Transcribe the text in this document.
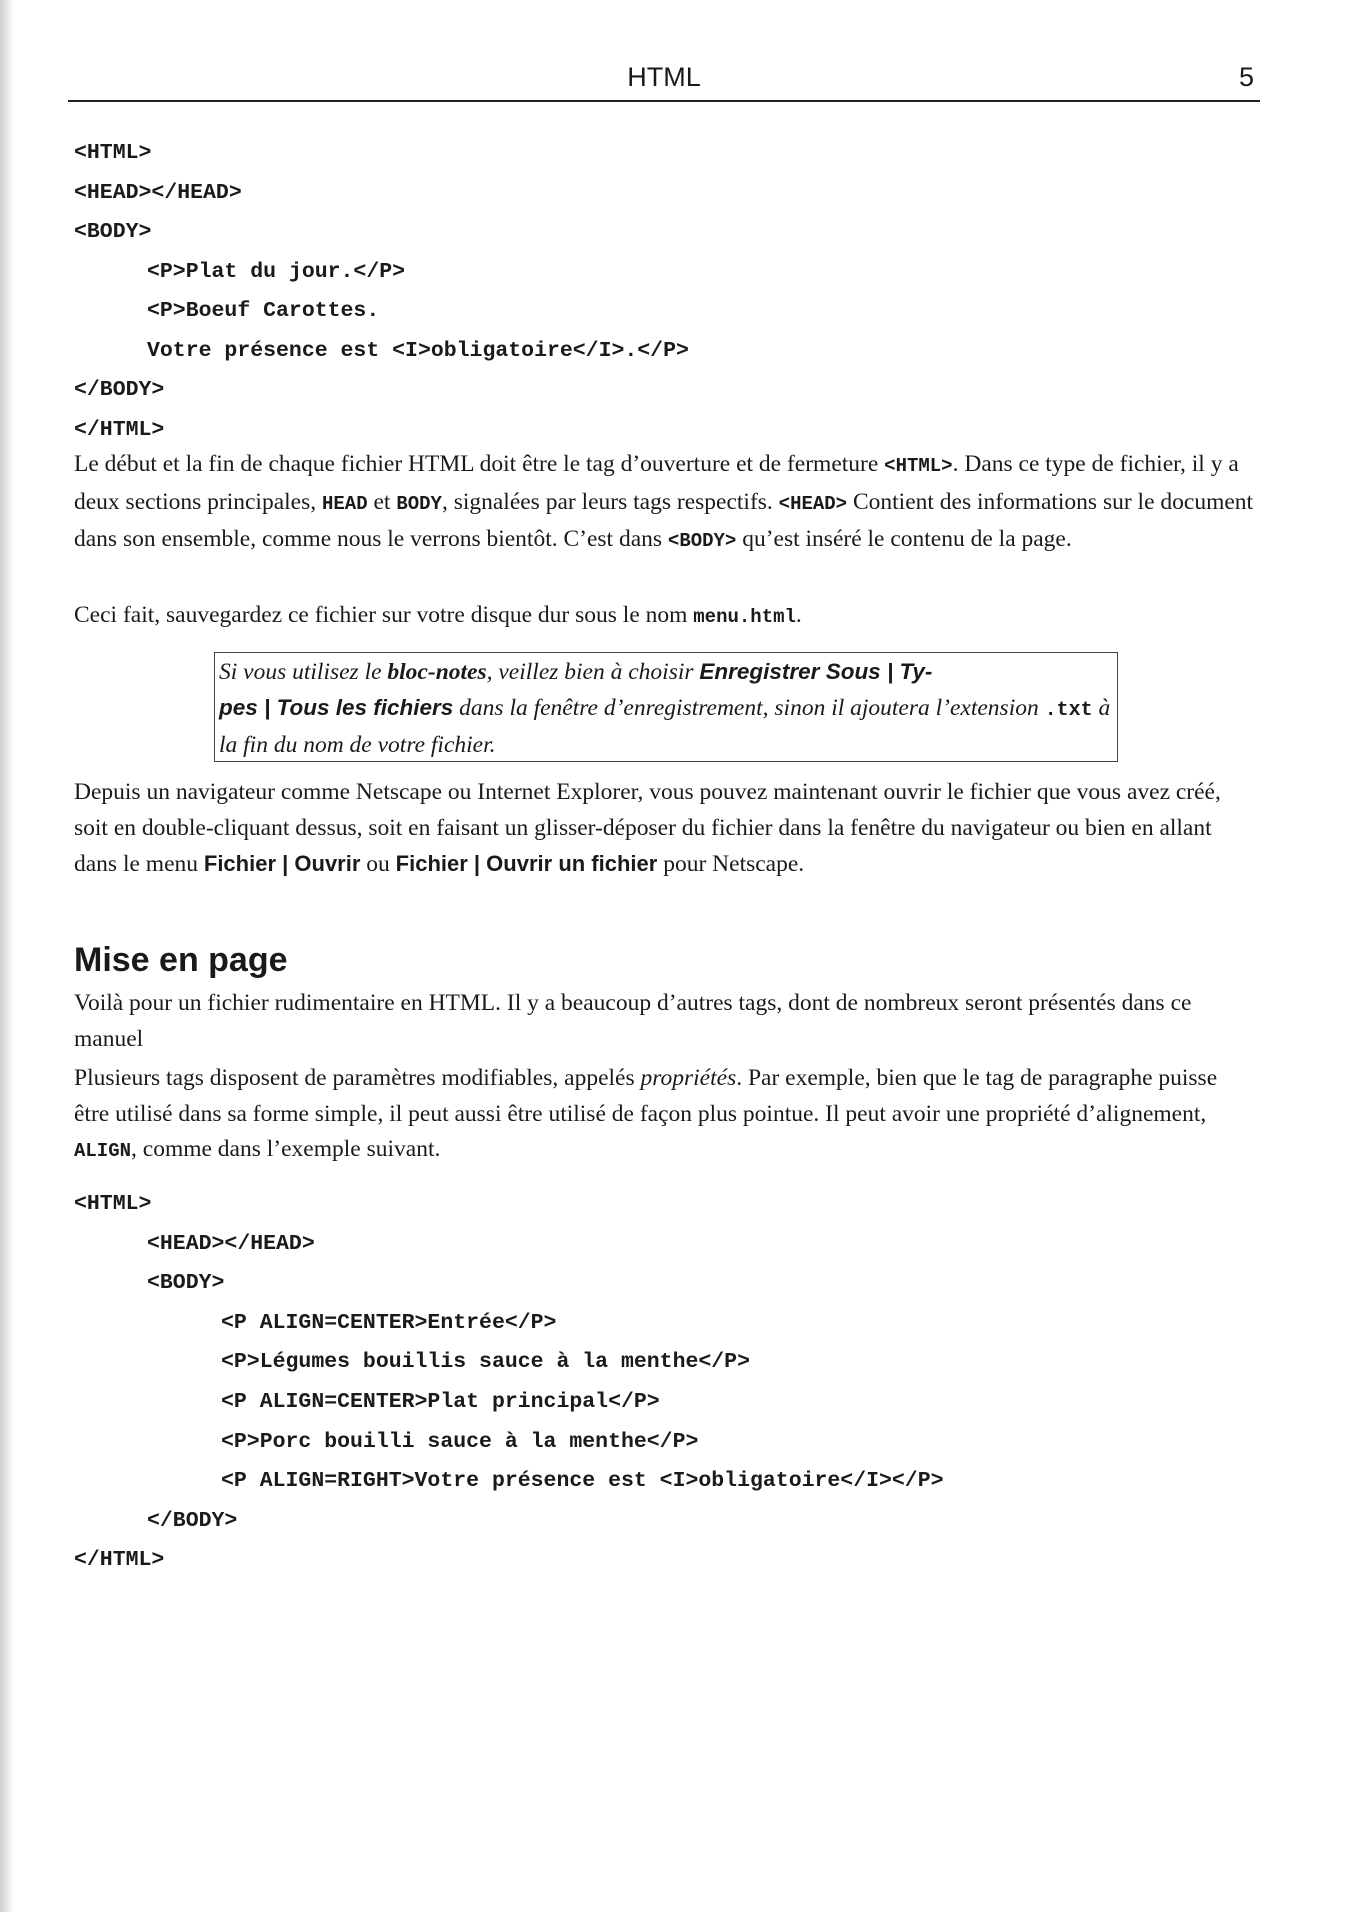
HTML	5
<HTML>
<HEAD></HEAD>
<BODY>
<P>Plat du jour.</P>
<P>Boeuf Carottes.
Votre présence est <I>obligatoire</I>.</P>
</BODY>
</HTML>

Le début et la fin de chaque fichier HTML doit être le tag d’ouverture et de fermeture <HTML>. Dans ce type de fichier, il y a deux sections principales, HEAD et BODY, signalées par leurs tags respectifs. <HEAD> Contient des informations sur le document dans son ensemble, comme nous le verrons bientôt. C’est dans <BODY> qu’est inséré le contenu de la page.

Ceci fait, sauvegardez ce fichier sur votre disque dur sous le nom menu.html.

Si vous utilisez le bloc-notes, veillez bien à choisir Enregistrer Sous | Ty-
pes | Tous les fichiers dans la fenêtre d’enregistrement, sinon il ajoutera l’extension .txt à la fin du nom de votre fichier.

Depuis un navigateur comme Netscape ou Internet Explorer, vous pouvez maintenant ouvrir le fichier que vous avez créé, soit en double-cliquant dessus, soit en faisant un glisser-déposer du fichier dans la fenêtre du navigateur ou bien en allant dans le menu Fichier | Ouvrir ou Fichier | Ouvrir un fichier pour Netscape.

Mise en page

Voilà pour un fichier rudimentaire en HTML. Il y a beaucoup d’autres tags, dont de nombreux seront présentés dans ce manuel

Plusieurs tags disposent de paramètres modifiables, appelés propriétés. Par exemple, bien que le tag de paragraphe puisse être utilisé dans sa forme simple, il peut aussi être utilisé de façon plus pointue. Il peut avoir une propriété d’alignement, ALIGN, comme dans l’exemple suivant.

<HTML>
<HEAD></HEAD>
<BODY>
<P ALIGN=CENTER>Entrée</P>
<P>Légumes bouillis sauce à la menthe</P>
<P ALIGN=CENTER>Plat principal</P>
<P>Porc bouilli sauce à la menthe</P>
<P ALIGN=RIGHT>Votre présence est <I>obligatoire</I></P>
</BODY>
</HTML>
